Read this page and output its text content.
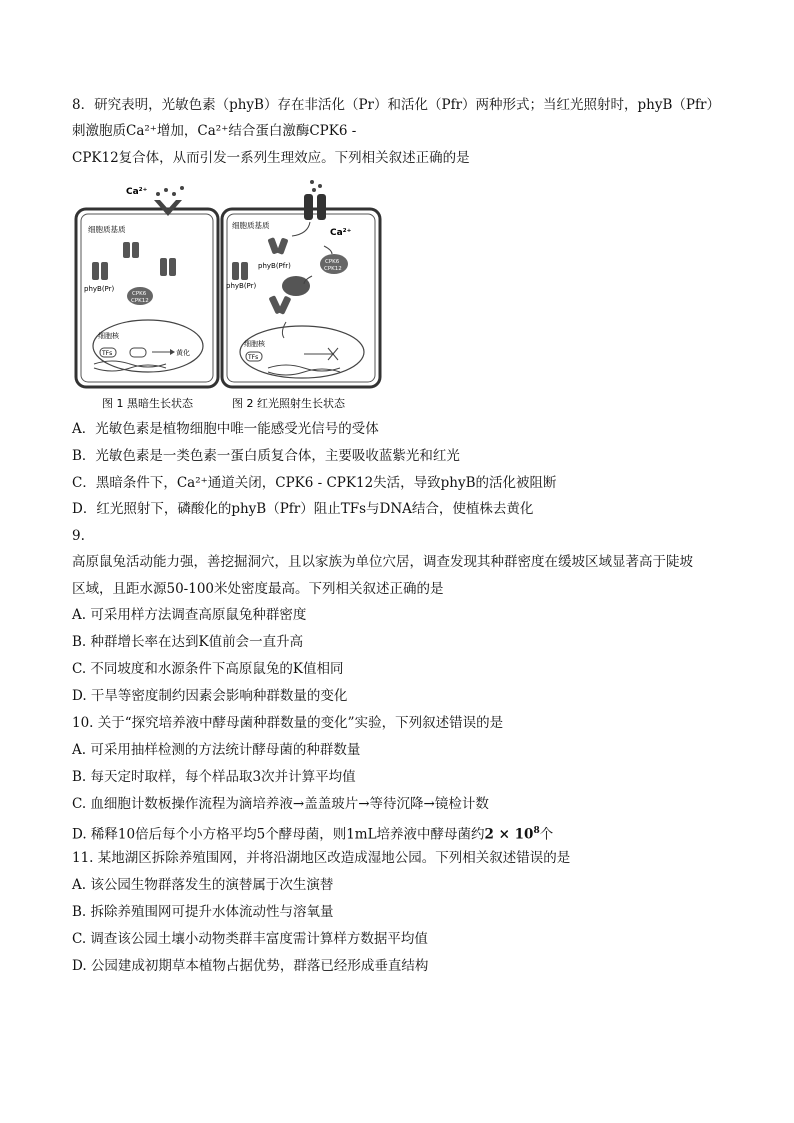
8．研究表明，光敏色素（phyB）存在非活化（Pr）和活化（Pfr）两种形式；当红光照射时，phyB（Pfr）
刺激胞质Ca²⁺增加，Ca²⁺结合蛋白激酶CPK6 -
CPK12复合体，从而引发一系列生理效应。下列相关叙述正确的是
Ca²⁺
细胞质基质
phyB(Pr)
CPK6
CPK12
细胞核
TFs	黄化
Ca²⁺
细胞质基质
phyB(Pfr)
phyB(Pr)
CPK6
CPK12
细胞核
TFs
图 1 黑暗生长状态	图 2 红光照射生长状态
A．光敏色素是植物细胞中唯一能感受光信号的受体
B．光敏色素是一类色素一蛋白质复合体，主要吸收蓝紫光和红光
C．黑暗条件下，Ca²⁺通道关闭，CPK6 - CPK12失活，导致phyB的活化被阻断
D．红光照射下，磷酸化的phyB（Pfr）阻止TFs与DNA结合，使植株去黄化
9.
高原鼠兔活动能力强，善挖掘洞穴，且以家族为单位穴居，调查发现其种群密度在缓坡区域显著高于陡坡
区域，且距水源50-100米处密度最高。下列相关叙述正确的是
A. 可采用样方法调查高原鼠兔种群密度
B. 种群增长率在达到K值前会一直升高
C. 不同坡度和水源条件下高原鼠兔的K值相同
D. 干旱等密度制约因素会影响种群数量的变化
10. 关于“探究培养液中酵母菌种群数量的变化”实验，下列叙述错误的是
A. 可采用抽样检测的方法统计酵母菌的种群数量
B. 每天定时取样，每个样品取3次并计算平均值
C. 血细胞计数板操作流程为滴培养液→盖盖玻片→等待沉降→镜检计数
D. 稀释10倍后每个小方格平均5个酵母菌，则1mL培养液中酵母菌约$2 \times 10^8$个
11. 某地湖区拆除养殖围网，并将沿湖地区改造成湿地公园。下列相关叙述错误的是
A. 该公园生物群落发生的演替属于次生演替
B. 拆除养殖围网可提升水体流动性与溶氧量
C. 调查该公园土壤小动物类群丰富度需计算样方数据平均值
D. 公园建成初期草本植物占据优势，群落已经形成垂直结构
